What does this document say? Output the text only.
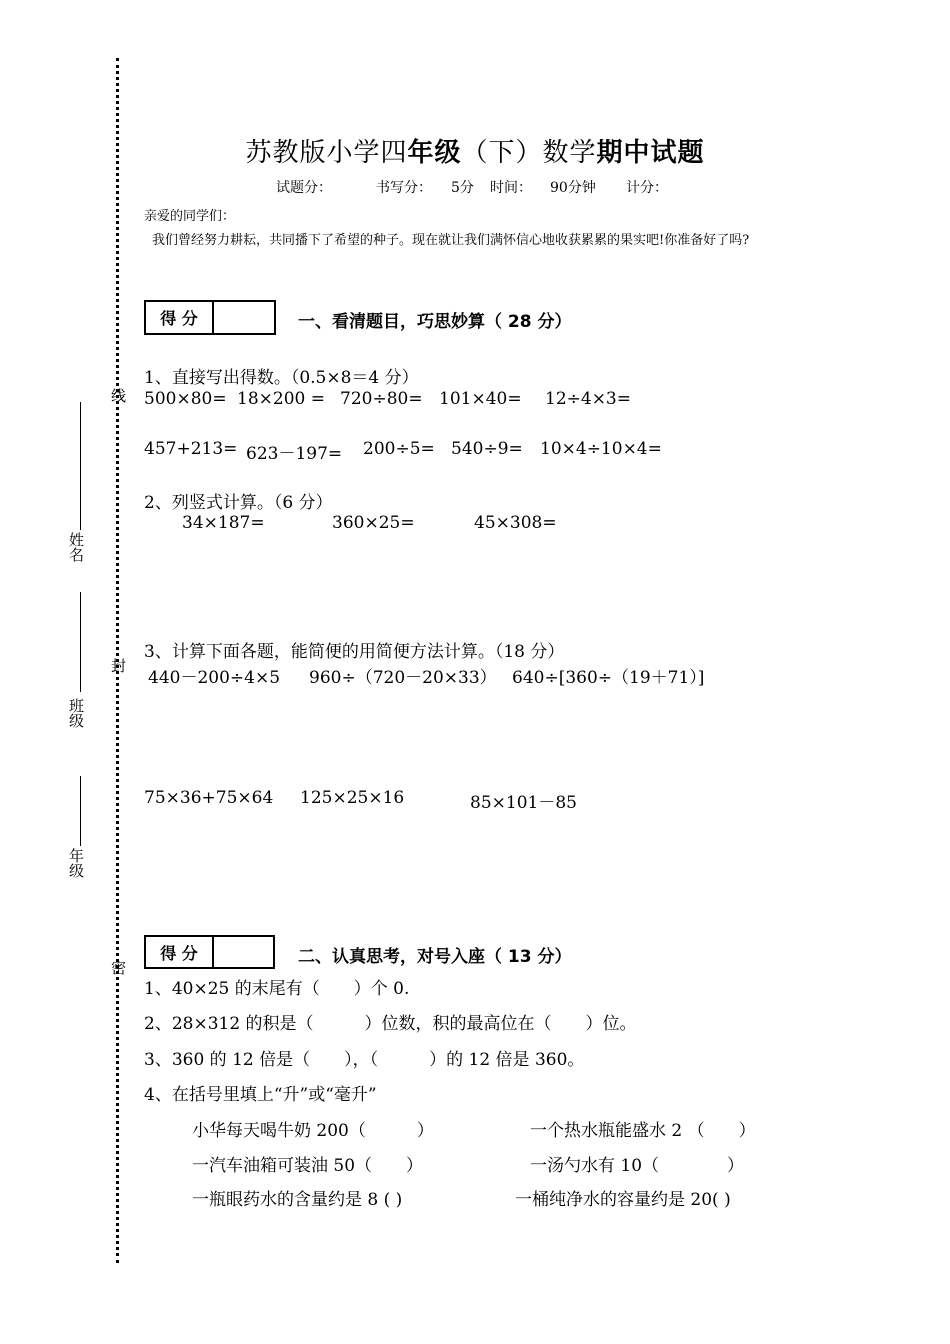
线
封
密
姓名
班级
年级
苏教版小学四年级（下）数学期中试题
试题分：	书写分： 5分 时间： 90分钟 计分：
亲爱的同学们：
我们曾经努力耕耘，共同播下了希望的种子。现在就让我们满怀信心地收获累累的果实吧!你准备好了吗?
得 分	一、看清题目，巧思妙算（ 28 分）
1、直接写出得数。（0.5×8＝4 分）
500×80= 18×200 = 720÷80= 101×40= 12÷4×3=
457+213= 623－197= 200÷5= 540÷9= 10×4÷10×4=
2、列竖式计算。（6 分）
34×187=	360×25=	45×308=
3、计算下面各题，能简便的用简便方法计算。（18 分）
440－200÷4×5 960÷（720－20×33） 640÷[360÷（19＋71）]
75×36+75×64 125×25×16	85×101－85
得 分	二、认真思考，对号入座（ 13 分）
1、40×25 的末尾有（　　）个 0.
2、28×312 的积是（　　　）位数，积的最高位在（　　）位。
3、360 的 12 倍是（　　），（　　　）的 12 倍是 360。
4、在括号里填上“升”或“毫升”
小华每天喝牛奶 200（　　　）	一个热水瓶能盛水 2 （　　）
一汽车油箱可装油 50（　　）	一汤勺水有 10（　　　　）
一瓶眼药水的含量约是 8 ( )	一桶纯净水的容量约是 20( )
